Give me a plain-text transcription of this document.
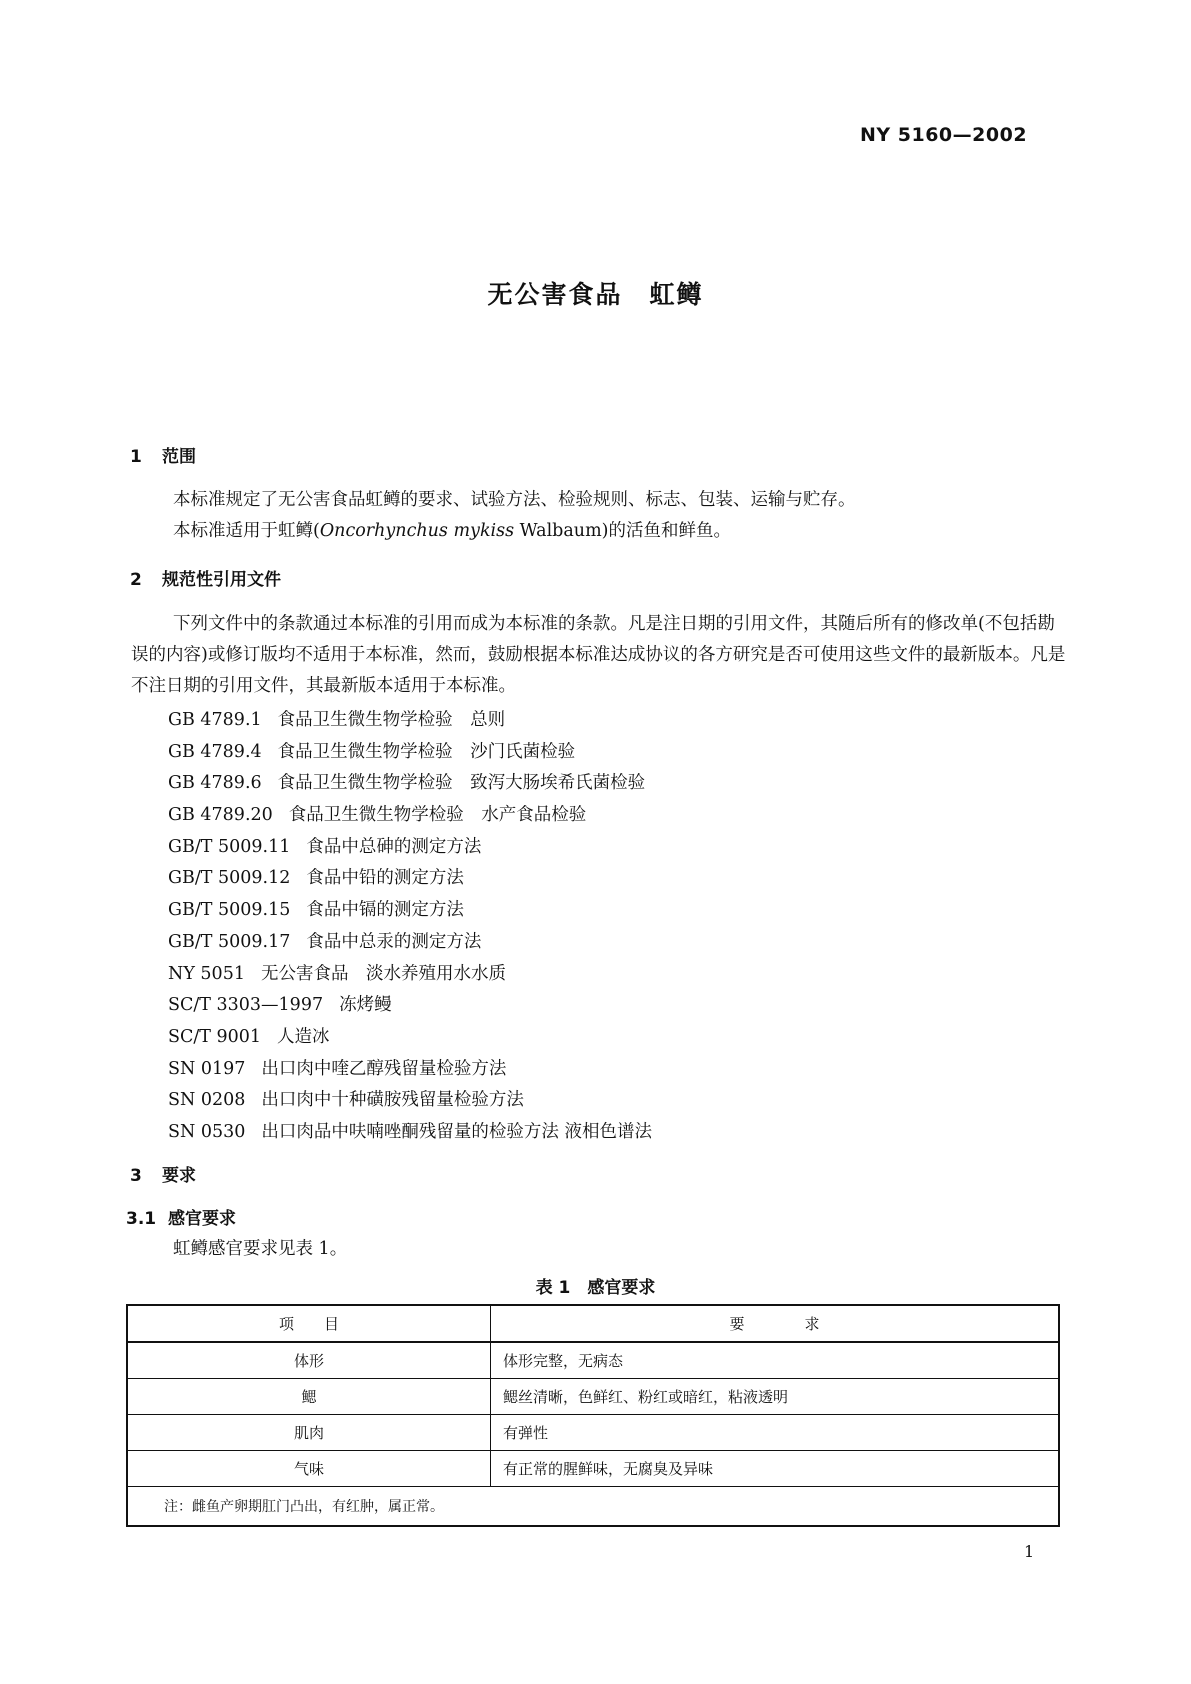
NY 5160—2002
无公害食品　虹鳟
1 范围
本标准规定了无公害食品虹鳟的要求、试验方法、检验规则、标志、包装、运输与贮存。
本标准适用于虹鳟(Oncorhynchus mykiss Walbaum)的活鱼和鲜鱼。
2 规范性引用文件
下列文件中的条款通过本标准的引用而成为本标准的条款。凡是注日期的引用文件，其随后所有的修改单(不包括勘误的内容)或修订版均不适用于本标准，然而，鼓励根据本标准达成协议的各方研究是否可使用这些文件的最新版本。凡是不注日期的引用文件，其最新版本适用于本标准。
GB 4789.1 食品卫生微生物学检验　总则
GB 4789.4 食品卫生微生物学检验　沙门氏菌检验
GB 4789.6 食品卫生微生物学检验　致泻大肠埃希氏菌检验
GB 4789.20 食品卫生微生物学检验　水产食品检验
GB/T 5009.11 食品中总砷的测定方法
GB/T 5009.12 食品中铅的测定方法
GB/T 5009.15 食品中镉的测定方法
GB/T 5009.17 食品中总汞的测定方法
NY 5051 无公害食品　淡水养殖用水水质
SC/T 3303—1997 冻烤鳗
SC/T 9001 人造冰
SN 0197 出口肉中喹乙醇残留量检验方法
SN 0208 出口肉中十种磺胺残留量检验方法
SN 0530 出口肉品中呋喃唑酮残留量的检验方法 液相色谱法
3 要求
3.1 感官要求
虹鳟感官要求见表 1。
表 1　感官要求
项　　目	要　　　　求
体形	体形完整，无病态
鳃	鳃丝清晰，色鲜红、粉红或暗红，粘液透明
肌肉	有弹性
气味	有正常的腥鲜味，无腐臭及异味
注：雌鱼产卵期肛门凸出，有红肿，属正常。	
1
